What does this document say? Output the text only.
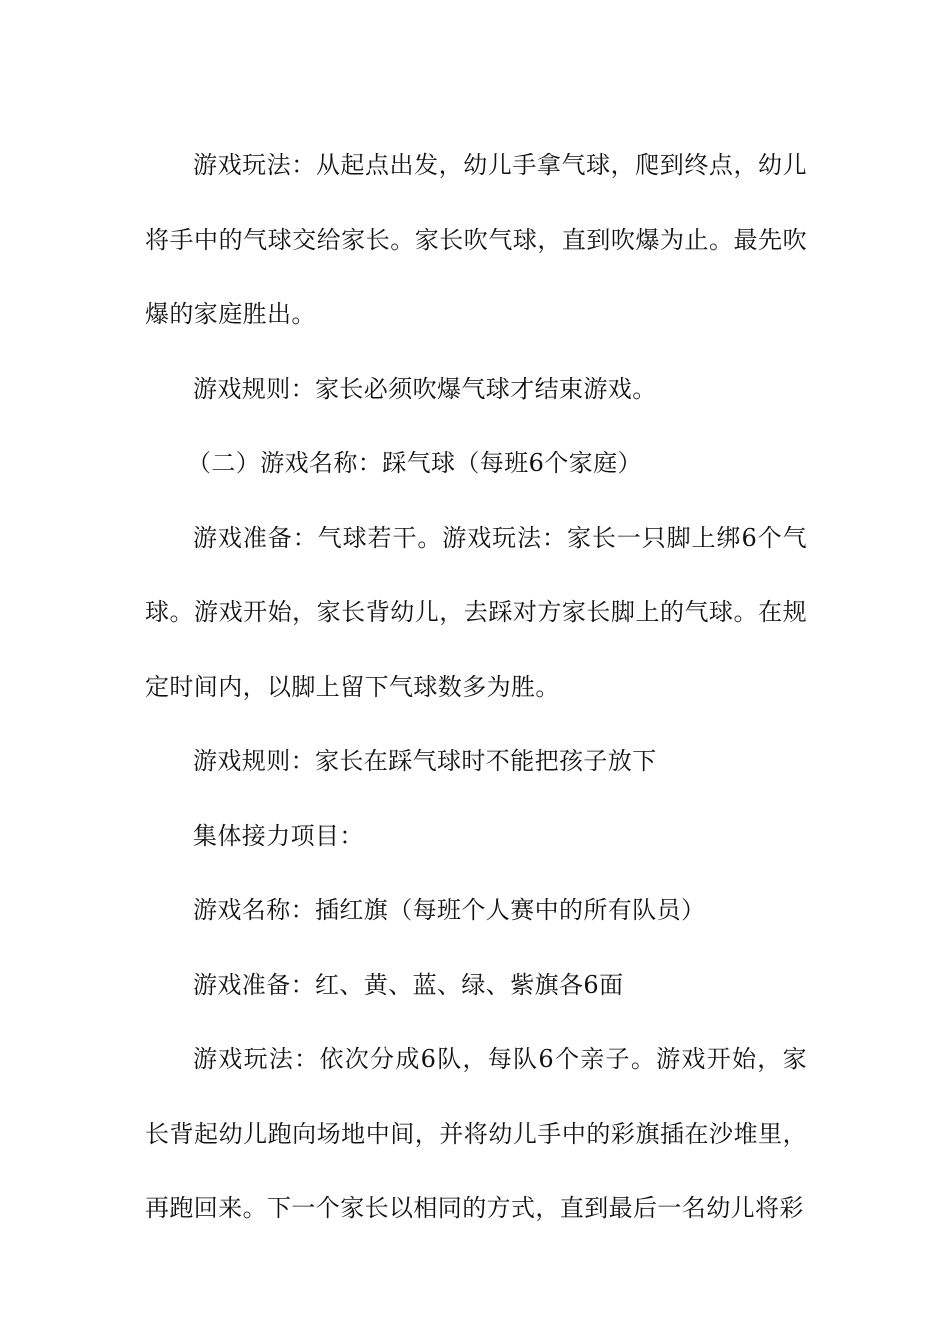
游戏玩法：从起点出发，幼儿手拿气球，爬到终点，幼儿将手中的气球交给家长。家长吹气球，直到吹爆为止。最先吹爆的家庭胜出。

游戏规则：家长必须吹爆气球才结束游戏。

（二）游戏名称：踩气球（每班6个家庭）

游戏准备：气球若干。游戏玩法：家长一只脚上绑6个气球。游戏开始，家长背幼儿，去踩对方家长脚上的气球。在规定时间内，以脚上留下气球数多为胜。

游戏规则：家长在踩气球时不能把孩子放下

集体接力项目：

游戏名称：插红旗（每班个人赛中的所有队员）

游戏准备：红、黄、蓝、绿、紫旗各6面

游戏玩法：依次分成6队，每队6个亲子。游戏开始，家长背起幼儿跑向场地中间，并将幼儿手中的彩旗插在沙堆里，再跑回来。下一个家长以相同的方式，直到最后一名幼儿将彩
